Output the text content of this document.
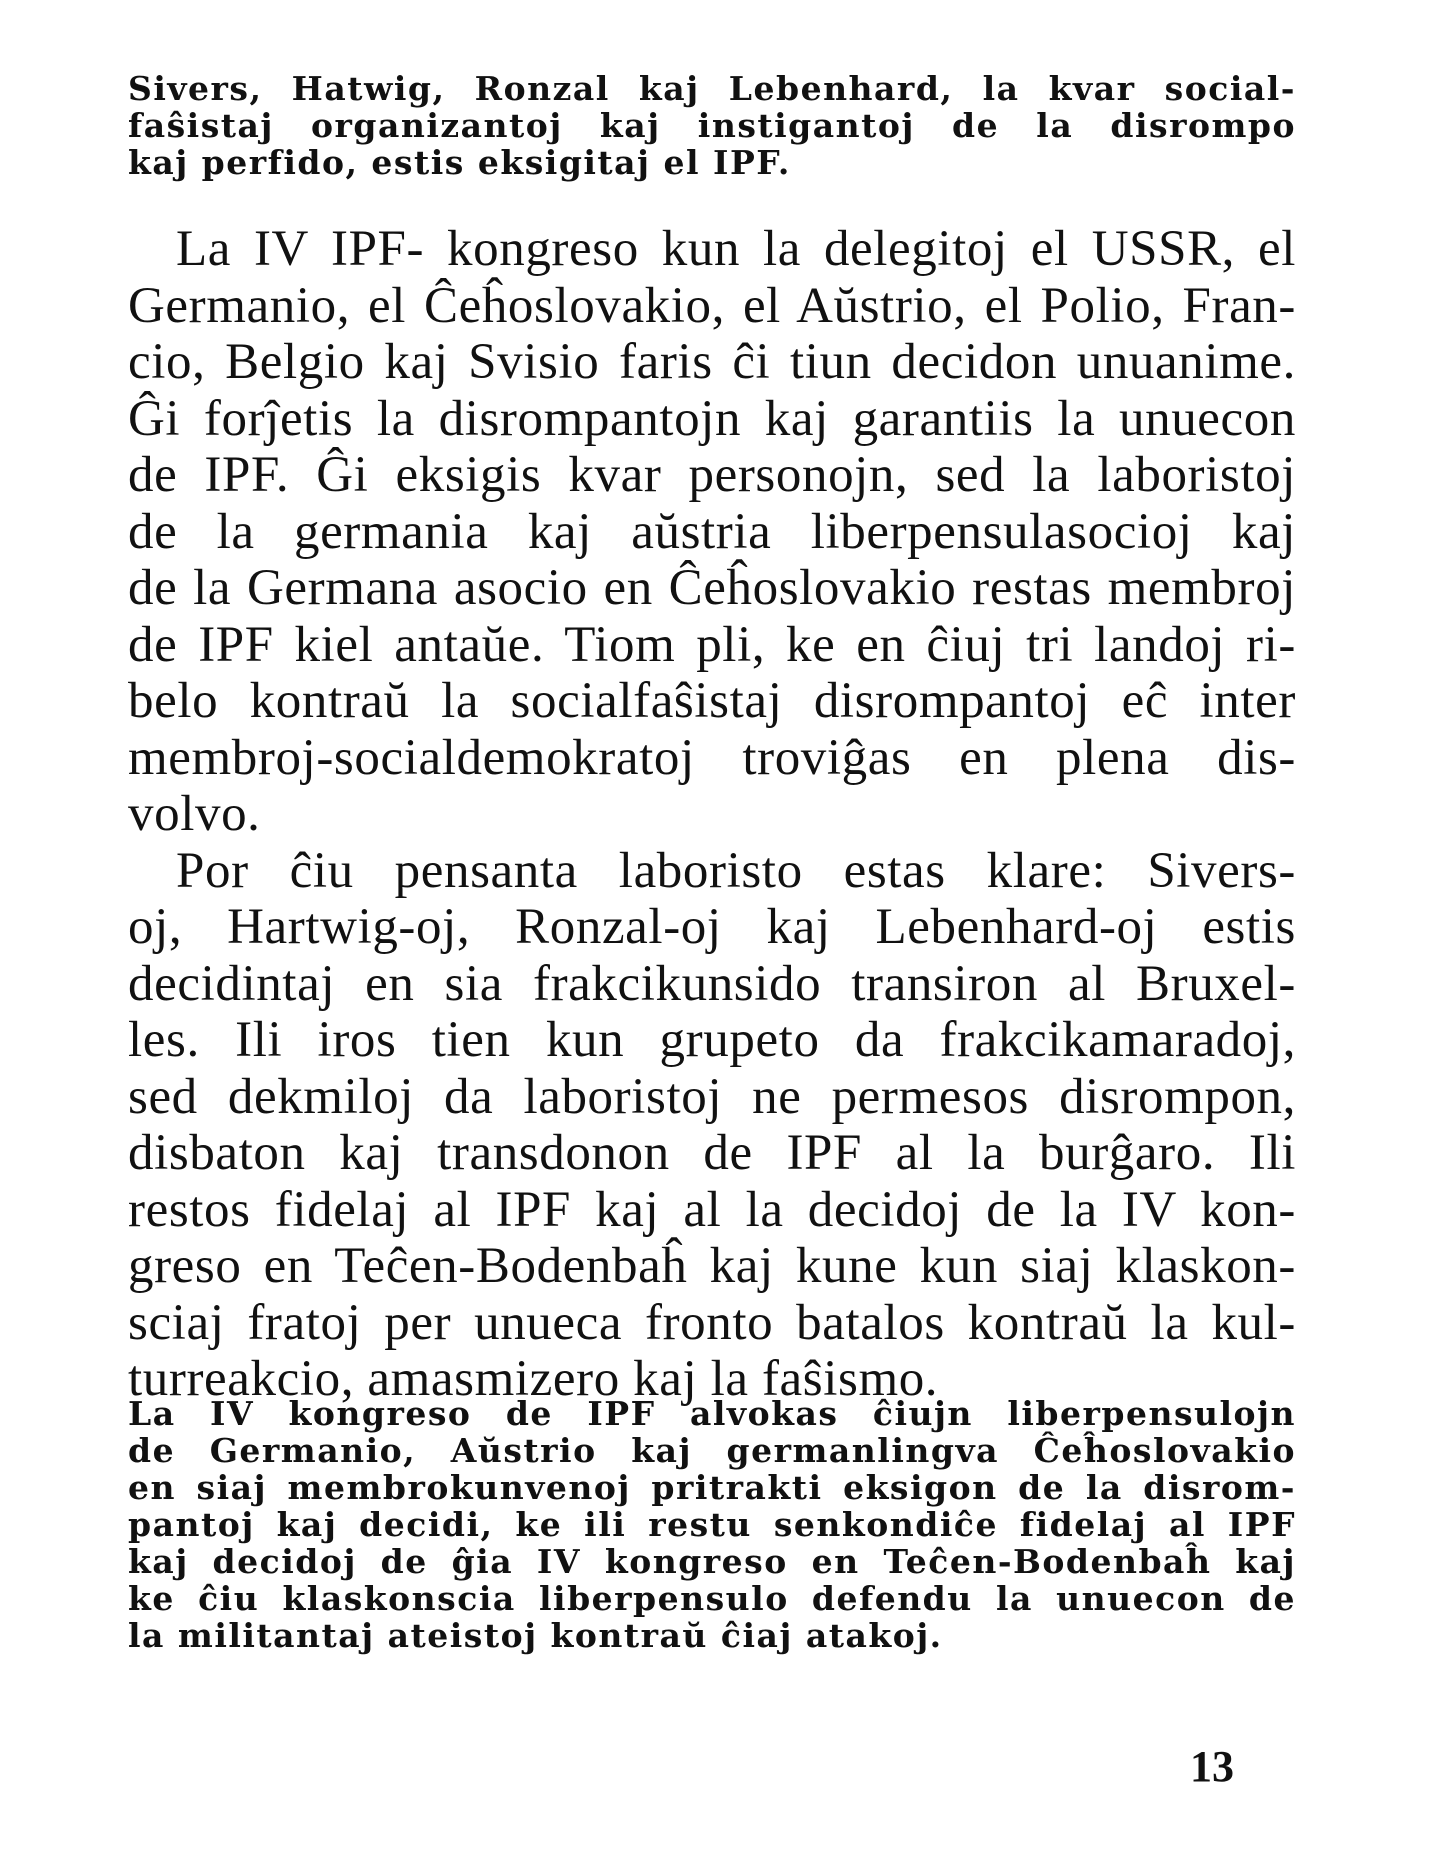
Sivers, Hatwig, Ronzal kaj Lebenhard, la kvar social-
faŝistaj organizantoj kaj instigantoj de la disrompo
kaj perfido, estis eksigitaj el IPF.
La IV IPF- kongreso kun la delegitoj el USSR, el
Germanio, el Ĉeĥoslovakio, el Aŭstrio, el Polio, Fran-
cio, Belgio kaj Svisio faris ĉi tiun decidon unuanime.
Ĝi forĵetis la disrompantojn kaj garantiis la unuecon
de IPF. Ĝi eksigis kvar personojn, sed la laboristoj
de la germania kaj aŭstria liberpensulasocioj kaj
de la Germana asocio en Ĉeĥoslovakio restas membroj
de IPF kiel antaŭe. Tiom pli, ke en ĉiuj tri landoj ri-
belo kontraŭ la socialfaŝistaj disrompantoj eĉ inter
membroj-socialdemokratoj troviĝas en plena dis-
volvo.
Por ĉiu pensanta laboristo estas klare: Sivers-
oj, Hartwig-oj, Ronzal-oj kaj Lebenhard-oj estis
decidintaj en sia frakcikunsido transiron al Bruxel-
les. Ili iros tien kun grupeto da frakcikamaradoj,
sed dekmiloj da laboristoj ne permesos disrompon,
disbaton kaj transdonon de IPF al la burĝaro. Ili
restos fidelaj al IPF kaj al la decidoj de la IV kon-
greso en Teĉen-Bodenbaĥ kaj kune kun siaj klaskon-
sciaj fratoj per unueca fronto batalos kontraŭ la kul-
turreakcio, amasmizero kaj la faŝismo.
La IV kongreso de IPF alvokas ĉiujn liberpensulojn
de Germanio, Aŭstrio kaj germanlingva Ĉeĥoslovakio
en siaj membrokunvenoj pritrakti eksigon de la disrom-
pantoj kaj decidi, ke ili restu senkondiĉe fidelaj al IPF
kaj decidoj de ĝia IV kongreso en Teĉen-Bodenbaĥ kaj
ke ĉiu klaskonscia liberpensulo defendu la unuecon de
la militantaj ateistoj kontraŭ ĉiaj atakoj.
13
